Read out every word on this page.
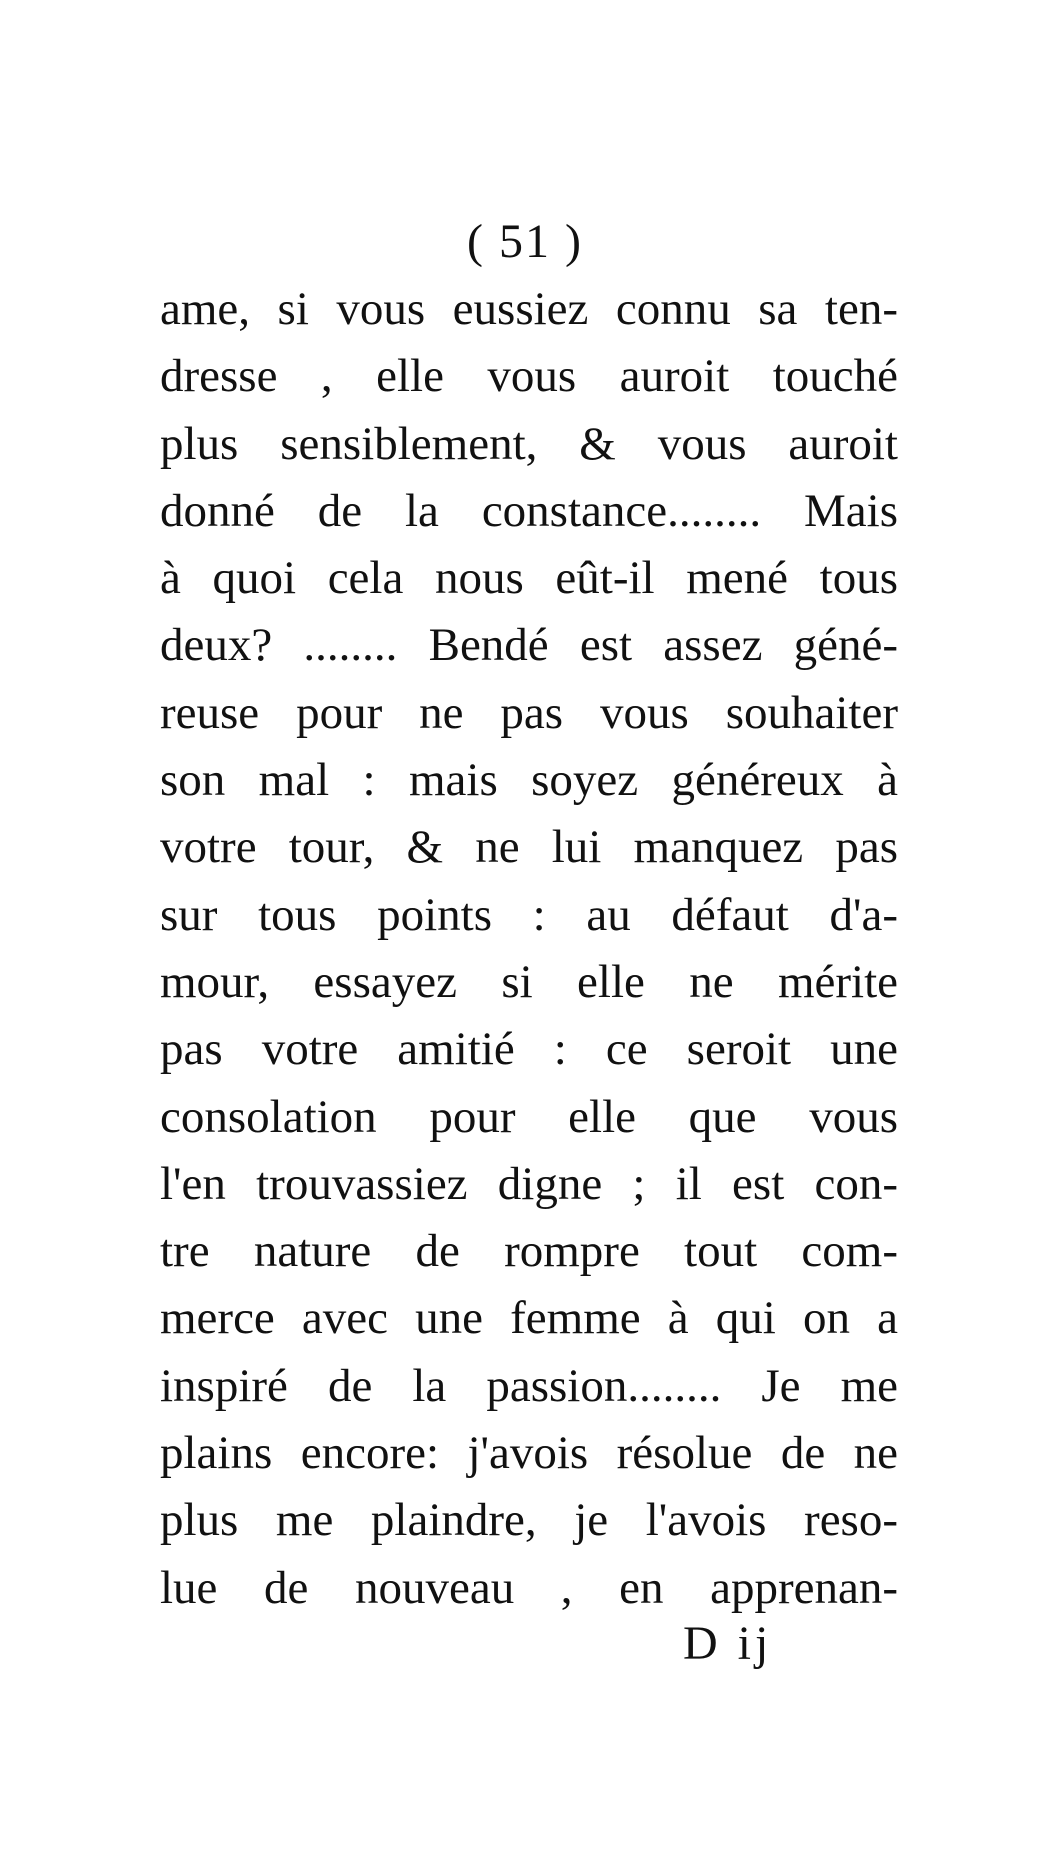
( 51 )
ame, si vous eussiez connu sa ten-
dresse , elle vous auroit touché
plus sensiblement, & vous auroit
donné de la constance........ Mais
à quoi cela nous eût-il mené tous
deux? ........ Bendé est assez géné-
reuse pour ne pas vous souhaiter
son mal : mais soyez généreux à
votre tour, & ne lui manquez pas
sur tous points : au défaut d'a-
mour, essayez si elle ne mérite
pas votre amitié : ce seroit une
consolation pour elle que vous
l'en trouvassiez digne ; il est con-
tre nature de rompre tout com-
merce avec une femme à qui on a
inspiré de la passion........ Je me
plains encore: j'avois résolue de ne
plus me plaindre, je l'avois reso-
lue de nouveau , en apprenan-
D ij
